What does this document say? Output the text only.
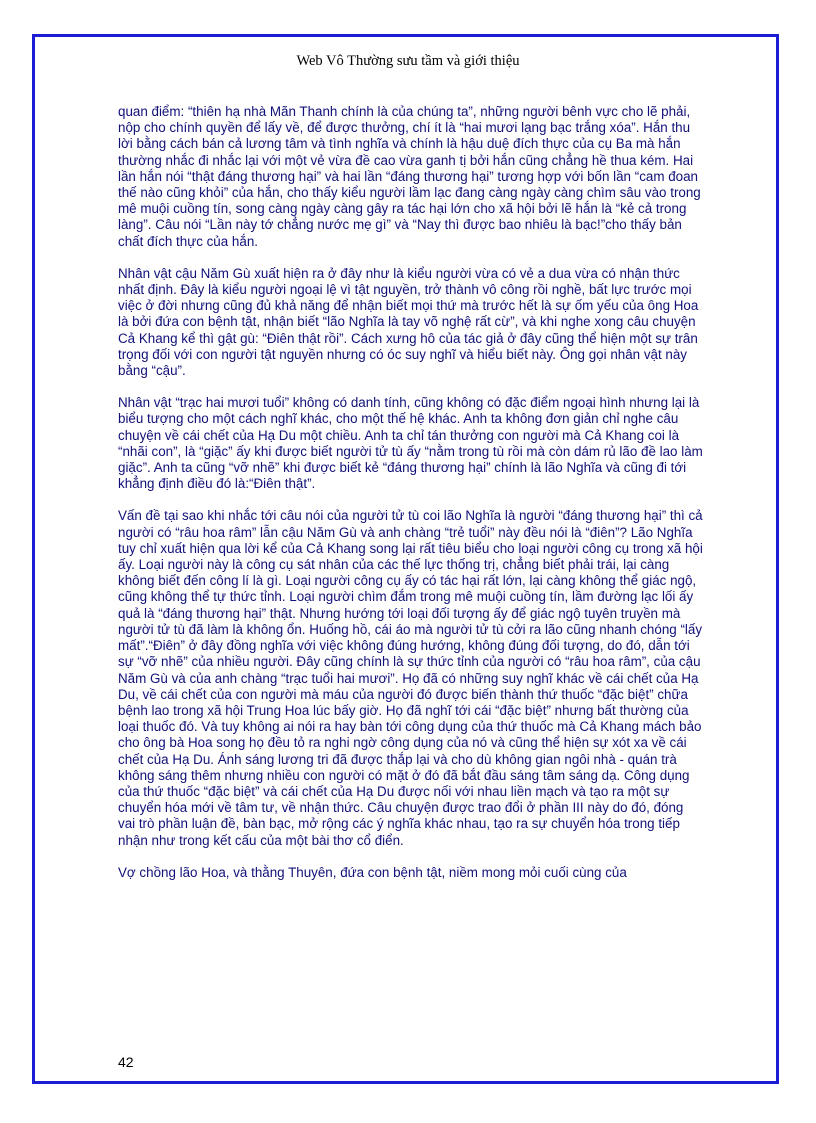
Web Vô Thường sưu tầm và giới thiệu

quan điểm: “thiên hạ nhà Mãn Thanh chính là của chúng ta”, những người bênh vực cho lẽ phải, nộp cho chính quyền để lấy về, để được thưởng, chí ít là “hai mươi lạng bạc trắng xóa”. Hắn thu lời bằng cách bán cả lương tâm và tình nghĩa và chính là hậu duệ đích thực của cụ Ba mà hắn thường nhắc đi nhắc lại với một vẻ vừa đề cao vừa ganh tị bởi hắn cũng chẳng hề thua kém. Hai lần hắn nói “thật đáng thương hại” và hai lần “đáng thương hại” tương hợp với bốn lần “cam đoan thế nào cũng khỏi” của hắn, cho thấy kiểu người lầm lạc đang càng ngày càng chìm sâu vào trong mê muội cuồng tín, song càng ngày càng gây ra tác hại lớn cho xã hội bởi lẽ hắn là “kẻ cả trong làng”. Câu nói “Lần này tớ chẳng nước mẹ gì” và “Nay thì được bao nhiêu là bạc!”cho thấy bản chất đích thực của hắn.

Nhân vật cậu Năm Gù xuất hiện ra ở đây như là kiểu người vừa có vẻ a dua vừa có nhận thức nhất định. Đây là kiểu người ngoại lệ vì tật nguyền, trở thành vô công rồi nghề, bất lực trước mọi việc ở đời nhưng cũng đủ khả năng để nhận biết mọi thứ mà trước hết là sự ốm yếu của ông Hoa là bởi đứa con bệnh tật, nhận biết “lão Nghĩa là tay võ nghệ rất cừ”, và khi nghe xong câu chuyện Cả Khang kể thì gật gù: “Điên thật rồi”. Cách xưng hô của tác giả ở đây cũng thể hiện một sự trân trọng đối với con người tật nguyền nhưng có óc suy nghĩ và hiểu biết này. Ông gọi nhân vật này bằng “cậu”.

Nhân vật “trạc hai mươi tuổi” không có danh tính, cũng không có đặc điểm ngoại hình nhưng lại là biểu tượng cho một cách nghĩ khác, cho một thế hệ khác. Anh ta không đơn giản chỉ nghe câu chuyện về cái chết của Hạ Du một chiều. Anh ta chỉ tán thưởng con người mà Cả Khang coi là “nhãi con”, là “giặc” ấy khi được biết người tử tù ấy “nằm trong tù rồi mà còn dám rủ lão đề lao làm giặc”. Anh ta cũng “vỡ nhẽ” khi được biết kẻ “đáng thương hại” chính là lão Nghĩa và cũng đi tới khẳng định điều đó là:“Điên thật”.

Vấn đề tại sao khi nhắc tới câu nói của người tử tù coi lão Nghĩa là người “đáng thương hại” thì cả người có “râu hoa râm” lẫn cậu Năm Gù và anh chàng “trẻ tuổi” này đều nói là “điên”? Lão Nghĩa tuy chỉ xuất hiện qua lời kể của Cả Khang song lại rất tiêu biểu cho loại người công cụ trong xã hội ấy. Loại người này là công cụ sát nhân của các thế lực thống trị, chẳng biết phải trái, lại càng không biết đến công lí là gì. Loại người công cụ ấy có tác hại rất lớn, lại càng không thể giác ngộ, cũng không thể tự thức tỉnh. Loại người chìm đắm trong mê muội cuồng tín, lầm đường lạc lối ấy quả là “đáng thương hại” thật. Nhưng hướng tới loại đối tượng ấy để giác ngộ tuyên truyền mà người tử tù đã làm là không ổn. Huống hồ, cái áo mà người tử tù cởi ra lão cũng nhanh chóng “lấy mất”.“Điên” ở đây đồng nghĩa với việc không đúng hướng, không đúng đối tượng, do đó, dẫn tới sự “vỡ nhẽ” của nhiều người. Đây cũng chính là sự thức tỉnh của người có “râu hoa râm”, của cậu Năm Gù và của anh chàng “trạc tuổi hai mươi”. Họ đã có những suy nghĩ khác về cái chết của Hạ Du, về cái chết của con người mà máu của người đó được biến thành thứ thuốc “đặc biệt” chữa bệnh lao trong xã hội Trung Hoa lúc bấy giờ. Họ đã nghĩ tới cái “đặc biệt” nhưng bất thường của loại thuốc đó. Và tuy không ai nói ra hay bàn tới công dụng của thứ thuốc mà Cả Khang mách bảo cho ông bà Hoa song họ đều tỏ ra nghi ngờ công dụng của nó và cũng thể hiện sự xót xa về cái chết của Hạ Du. Ánh sáng lương tri đã được thắp lại và cho dù không gian ngôi nhà - quán trà không sáng thêm nhưng nhiều con người có mặt ở đó đã bắt đầu sáng tâm sáng dạ. Công dụng của thứ thuốc “đặc biệt” và cái chết của Hạ Du được nối với nhau liền mạch và tạo ra một sự chuyển hóa mới về tâm tư, về nhận thức. Câu chuyện được trao đổi ở phần III này do đó, đóng vai trò phần luận đề, bàn bạc, mở rộng các ý nghĩa khác nhau, tạo ra sự chuyển hóa trong tiếp nhận như trong kết cấu của một bài thơ cổ điển.

Vợ chồng lão Hoa, và thằng Thuyên, đứa con bệnh tật, niềm mong mỏi cuối cùng của

42
